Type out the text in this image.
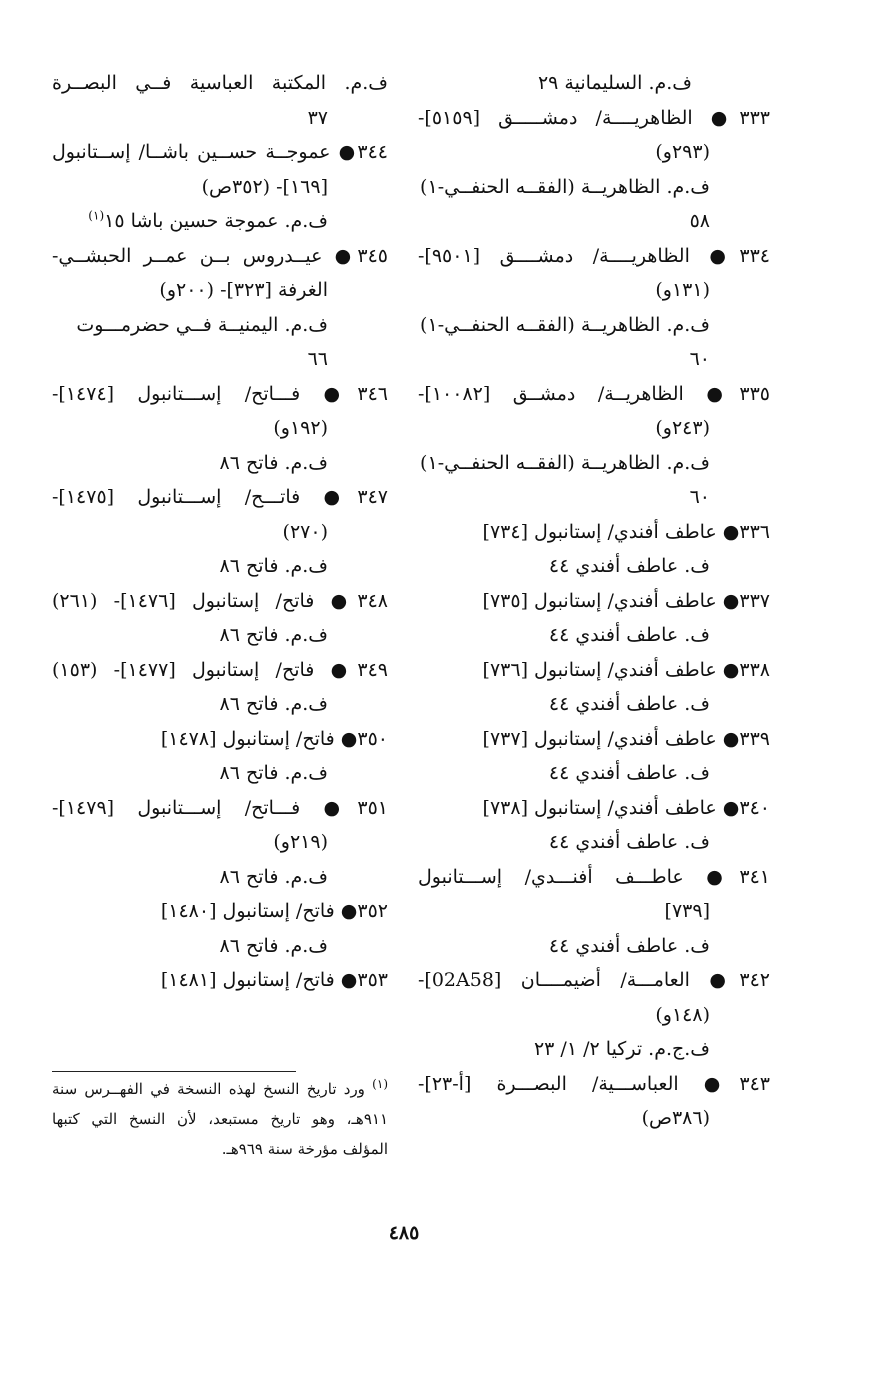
ف.م. السليمانية ٢٩
٣٣٣● الظاهريــــة/ دمشـــــق [٥١٥٩]-
(٢٩٣و)
ف.م. الظاهريــة (الفقــه الحنفــي-١)
٥٨
٣٣٤● الظاهريــــة/ دمشــــق [٩٥٠١]-
(١٣١و)
ف.م. الظاهريــة (الفقــه الحنفــي-١)
٦٠
٣٣٥● الظاهريــة/ دمشــق [١٠٠٨٢]-
(٢٤٣و)
ف.م. الظاهريــة (الفقــه الحنفــي-١)
٦٠
٣٣٦● عاطف أفندي/ إستانبول [٧٣٤]
ف. عاطف أفندي ٤٤
٣٣٧● عاطف أفندي/ إستانبول [٧٣٥]
ف. عاطف أفندي ٤٤
٣٣٨● عاطف أفندي/ إستانبول [٧٣٦]
ف. عاطف أفندي ٤٤
٣٣٩● عاطف أفندي/ إستانبول [٧٣٧]
ف. عاطف أفندي ٤٤
٣٤٠● عاطف أفندي/ إستانبول [٧٣٨]
ف. عاطف أفندي ٤٤
٣٤١● عاطـــف أفنـــدي/ إســـتانبول
[٧٣٩]
ف. عاطف أفندي ٤٤
٣٤٢● العامـــة/ أضيمــــان [02A58]-
(١٤٨و)
ف.ج.م. تركيا ٢/ ١/ ٢٣
٣٤٣● العباســـية/ البصـــرة [أ-٢٣]-
(٣٨٦ص)
ف.م. المكتبة العباسية فــي البصــرة
٣٧
٣٤٤● عموجــة حســين باشــا/ إســتانبول
[١٦٩]- (٣٥٢ص)
ف.م. عموجة حسين باشا ١٥$^{(١)}$
٣٤٥● عيــدروس بــن عمــر الحبشــي-
الغرفة [٣٢٣]- (٢٠٠و)
ف.م. اليمنيــة فــي حضرمـــوت
٦٦
٣٤٦● فـــاتح/ إســـتانبول [١٤٧٤]-
(١٩٢و)
ف.م. فاتح ٨٦
٣٤٧● فاتـــح/ إســـتانبول [١٤٧٥]-
(٢٧٠)
ف.م. فاتح ٨٦
٣٤٨● فاتح/ إستانبول [١٤٧٦]- (٢٦١)
ف.م. فاتح ٨٦
٣٤٩● فاتح/ إستانبول [١٤٧٧]- (١٥٣)
ف.م. فاتح ٨٦
٣٥٠● فاتح/ إستانبول [١٤٧٨]
ف.م. فاتح ٨٦
٣٥١● فـــاتح/ إســـتانبول [١٤٧٩]-
(٢١٩و)
ف.م. فاتح ٨٦
٣٥٢● فاتح/ إستانبول [١٤٨٠]
ف.م. فاتح ٨٦
٣٥٣● فاتح/ إستانبول [١٤٨١]
$^{(١)}$ ورد تاريخ النسخ لهذه النسخة في الفهــرس سنة
٩١١هـ، وهو تاريخ مستبعد، لأن النسخ التي كتبها
المؤلف مؤرخة سنة ٩٦٩هـ.
٤٨٥
